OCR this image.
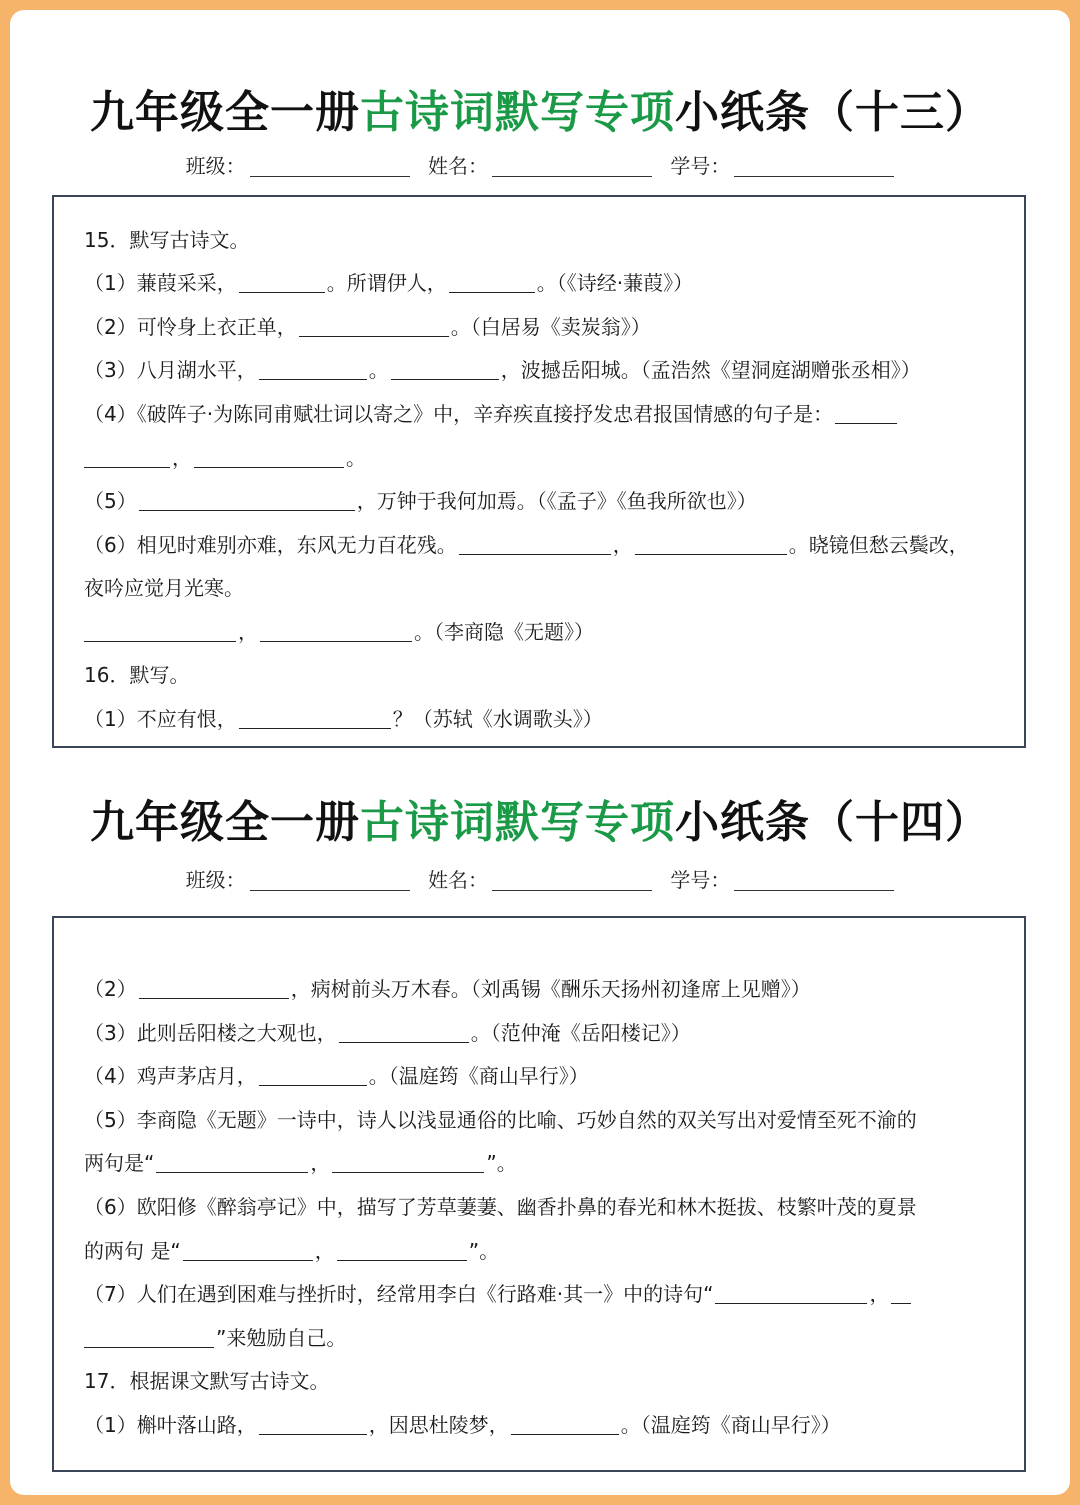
九年级全一册古诗词默写专项小纸条（十三）
班级：	姓名：	学号：
15．默写古诗文。
（1）蒹葭采采，	。所谓伊人，	。（《诗经·蒹葭》）
（2）可怜身上衣正单，	。（白居易《卖炭翁》）
（3）八月湖水平，	。	，波撼岳阳城。（孟浩然《望洞庭湖赠张丞相》）
（4）《破阵子·为陈同甫赋壮词以寄之》中，辛弃疾直接抒发忠君报国情感的句子是：
，	。
（5）	，万钟于我何加焉。（《孟子》《鱼我所欲也》）
（6）相见时难别亦难，东风无力百花残。	，	。晓镜但愁云鬓改，
夜吟应觉月光寒。
，	。（李商隐《无题》）
16．默写。
（1）不应有恨，	？（苏轼《水调歌头》）
九年级全一册古诗词默写专项小纸条（十四）
班级：	姓名：	学号：
（2）	，病树前头万木春。（刘禹锡《酬乐天扬州初逢席上见赠》）
（3）此则岳阳楼之大观也，	。（范仲淹《岳阳楼记》）
（4）鸡声茅店月，	。（温庭筠《商山早行》）
（5）李商隐《无题》一诗中，诗人以浅显通俗的比喻、巧妙自然的双关写出对爱情至死不渝的
两句是“	，	”。
（6）欧阳修《醉翁亭记》中，描写了芳草萋萋、幽香扑鼻的春光和林木挺拔、枝繁叶茂的夏景
的两句 是“	，	”。
（7）人们在遇到困难与挫折时，经常用李白《行路难·其一》中的诗句“	，
”来勉励自己。
17．根据课文默写古诗文。
（1）槲叶落山路，	，因思杜陵梦，	。（温庭筠《商山早行》）
